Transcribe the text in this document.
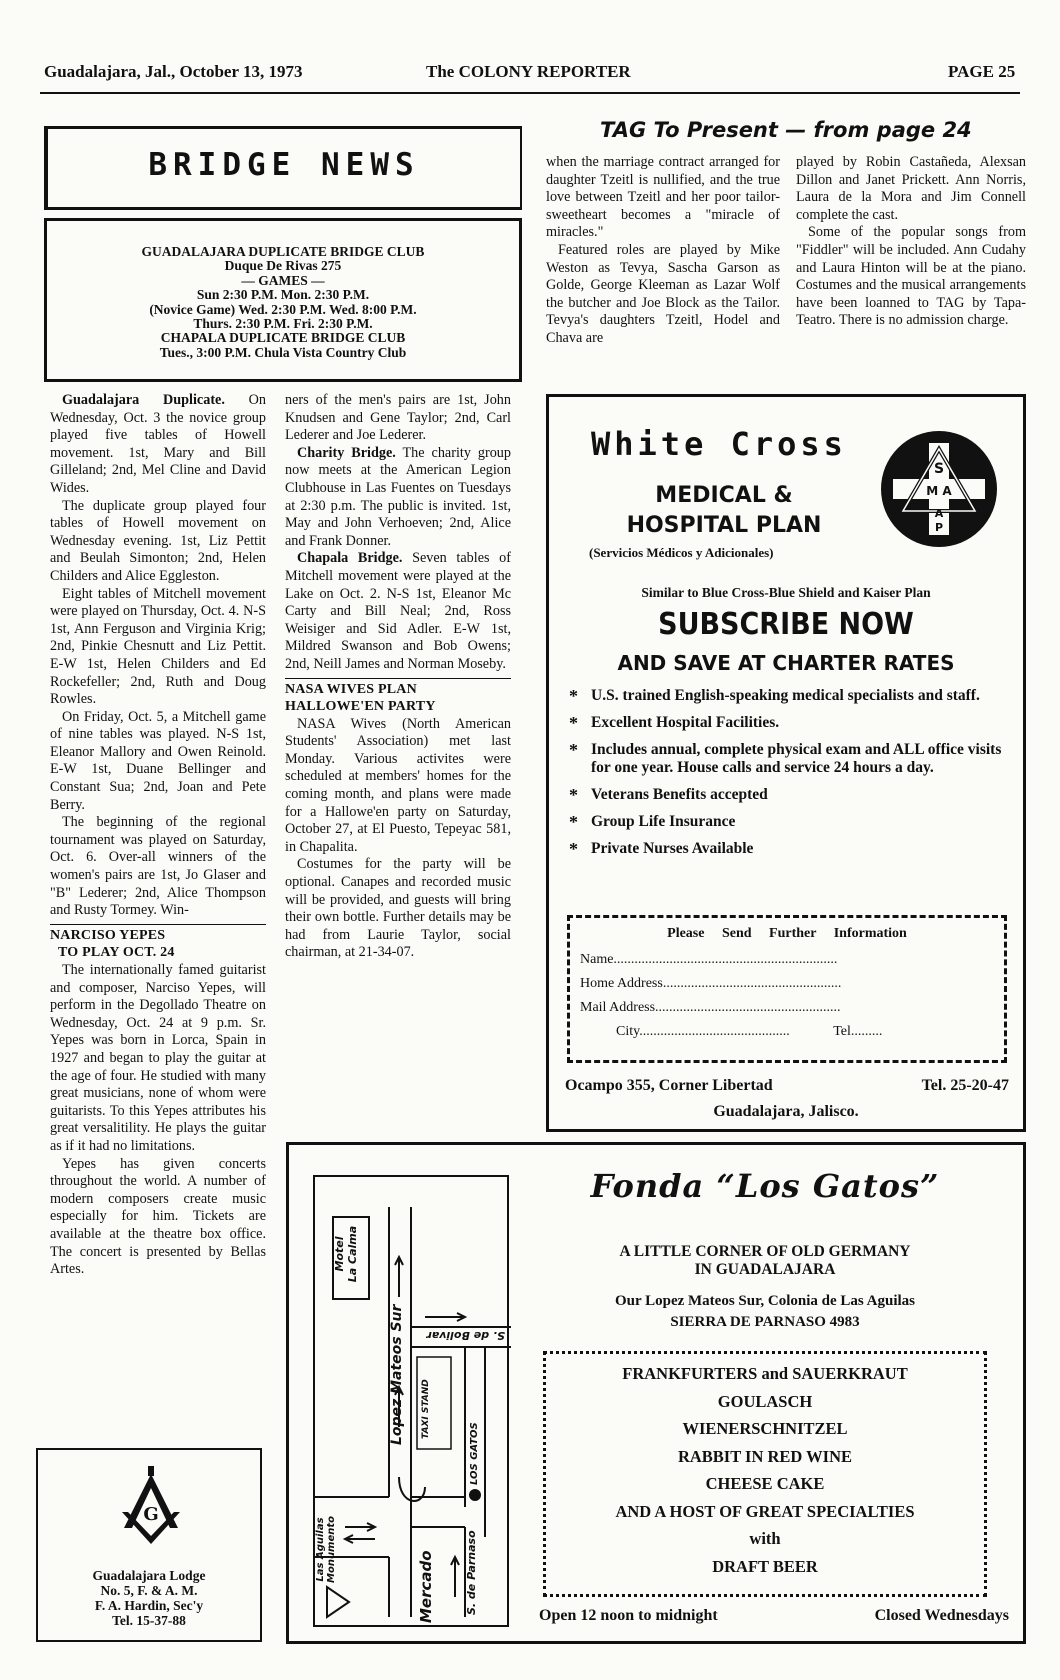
Guadalajara, Jal., October 13, 1973	The COLONY REPORTER	PAGE 25
BRIDGE NEWS
GUADALAJARA DUPLICATE BRIDGE CLUB
Duque De Rivas 275
— GAMES —
Sun 2:30 P.M. Mon. 2:30 P.M.
(Novice Game) Wed. 2:30 P.M. Wed. 8:00 P.M.
Thurs. 2:30 P.M. Fri. 2:30 P.M.
CHAPALA DUPLICATE BRIDGE CLUB
Tues., 3:00 P.M. Chula Vista Country Club

Guadalajara Duplicate. On Wednesday, Oct. 3 the novice group played five tables of Howell movement. 1st, Mary and Bill Gilleland; 2nd, Mel Cline and David Wides.

The duplicate group played four tables of Howell movement on Wednesday evening. 1st, Liz Pettit and Beulah Simonton; 2nd, Helen Childers and Alice Eggleston.

Eight tables of Mitchell movement were played on Thursday, Oct. 4. N-S 1st, Ann Ferguson and Virginia Krig; 2nd, Pinkie Chesnutt and Liz Pettit. E-W 1st, Helen Childers and Ed Rockefeller; 2nd, Ruth and Doug Rowles.

On Friday, Oct. 5, a Mitchell game of nine tables was played. N-S 1st, Eleanor Mallory and Owen Reinold. E-W 1st, Duane Bellinger and Constant Sua; 2nd, Joan and Pete Berry.

The beginning of the regional tournament was played on Saturday, Oct. 6. Over-all winners of the women's pairs are 1st, Jo Glaser and "B" Lederer; 2nd, Alice Thompson and Rusty Tormey. Win-

NARCISO YEPES
TO PLAY OCT. 24

The internationally famed guitarist and composer, Narciso Yepes, will perform in the Degollado Theatre on Wednesday, Oct. 24 at 9 p.m. Sr. Yepes was born in Lorca, Spain in 1927 and began to play the guitar at the age of four. He studied with many great musicians, none of whom were guitarists. To this Yepes attributes his great versalitility. He plays the guitar as if it had no limitations.

Yepes has given concerts throughout the world. A number of modern composers create music especially for him. Tickets are available at the theatre box office. The concert is presented by Bellas Artes.

ners of the men's pairs are 1st, John Knudsen and Gene Taylor; 2nd, Carl Lederer and Joe Lederer.

Charity Bridge. The charity group now meets at the American Legion Clubhouse in Las Fuentes on Tuesdays at 2:30 p.m. The public is invited. 1st, May and John Verhoeven; 2nd, Alice and Frank Donner.

Chapala Bridge. Seven tables of Mitchell movement were played at the Lake on Oct. 2. N-S 1st, Eleanor Mc Carty and Bill Neal; 2nd, Ross Weisiger and Sid Adler. E-W 1st, Mildred Swanson and Bob Owens; 2nd, Neill James and Norman Moseby.

NASA WIVES PLAN
HALLOWE'EN PARTY

NASA Wives (North American Students' Association) met last Monday. Various activites were scheduled at members' homes for the coming month, and plans were made for a Hallowe'en party on Saturday, October 27, at El Puesto, Tepeyac 581, in Chapalita.

Costumes for the party will be optional. Canapes and recorded music will be provided, and guests will bring their own bottle. Further details may be had from Laurie Taylor, social chairman, at 21-34-07.

TAG To Present — from page 24

when the marriage contract arranged for daughter Tzeitl is nullified, and the true love between Tzeitl and her poor tailor-sweetheart becomes a "miracle of miracles."

Featured roles are played by Mike Weston as Tevya, Sascha Garson as Golde, George Kleeman as Lazar Wolf the butcher and Joe Block as the Tailor. Tevya's daughters Tzeitl, Hodel and Chava are

played by Robin Castañeda, Alexsan Dillon and Janet Prickett. Ann Norris, Laura de la Mora and Jim Connell complete the cast.

Some of the popular songs from "Fiddler" will be included. Ann Cudahy and Laura Hinton will be at the piano. Costumes and the musical arrangements have been loanned to TAG by Tapa-Teatro. There is no admission charge.

White Cross
MEDICAL &
HOSPITAL PLAN
(Servicios Médicos y Adicionales)
S
M A
A
P
Similar to Blue Cross-Blue Shield and Kaiser Plan
SUBSCRIBE NOW
AND SAVE AT CHARTER RATES
* U.S. trained English-speaking medical specialists and staff.
* Excellent Hospital Facilities.
* Includes annual, complete physical exam and ALL office visits for one year. House calls and service 24 hours a day.
* Veterans Benefits accepted
* Group Life Insurance
* Private Nurses Available
Please Send Further Information
Name................................................................
Home Address...................................................
Mail Address.....................................................
City...........................................	Tel.........
Ocampo 355, Corner Libertad	Tel. 25-20-47
Guadalajara, Jalisco.
G
Guadalajara Lodge
No. 5, F. & A. M.
F. A. Hardin, Sec'y
Tel. 15-37-88
Motel La Calma
Lopez Mateos Sur	S. de Bolivar
TAXI STAND
LOS GATOS
Las Aguilas Monumento
Mercado	S. de Parnaso
Fonda “Los Gatos”
A LITTLE CORNER OF OLD GERMANY
IN GUADALAJARA
Our Lopez Mateos Sur, Colonia de Las Aguilas
SIERRA DE PARNASO 4983
FRANKFURTERS and SAUERKRAUT
GOULASCH
WIENERSCHNITZEL
RABBIT IN RED WINE
CHEESE CAKE
AND A HOST OF GREAT SPECIALTIES
with
DRAFT BEER
Open 12 noon to midnight	Closed Wednesdays
